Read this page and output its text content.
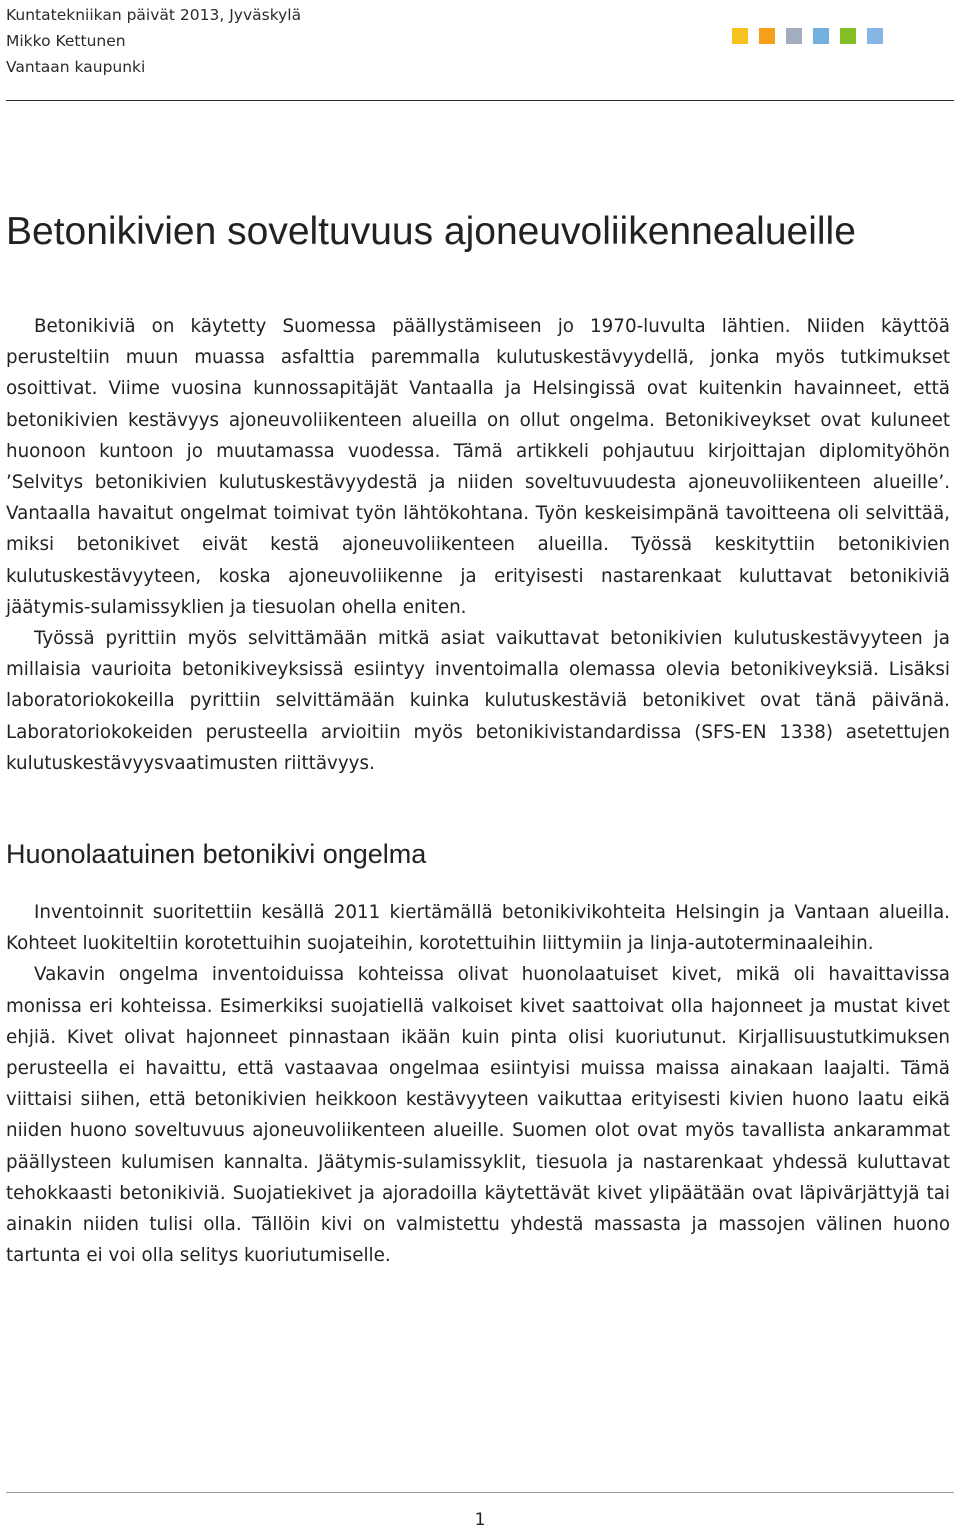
Kuntatekniikan päivät 2013, Jyväskylä
Mikko Kettunen
Vantaan kaupunki
Betonikivien soveltuvuus ajoneuvoliikennealueille

Betonikiviä on käytetty Suomessa päällystämiseen jo 1970-luvulta lähtien. Niiden käyttöä perusteltiin muun muassa asfalttia paremmalla kulutuskestävyydellä, jonka myös tutkimukset osoittivat. Viime vuosina kunnossapitäjät Vantaalla ja Helsingissä ovat kuitenkin havainneet, että betonikivien kestävyys ajoneuvoliikenteen alueilla on ollut ongelma. Betonikiveykset ovat kuluneet huonoon kuntoon jo muutamassa vuodessa. Tämä artikkeli pohjautuu kirjoittajan diplomityöhön ’Selvitys betonikivien kulutuskestävyydestä ja niiden soveltuvuudesta ajoneuvoliikenteen alueille’. Vantaalla havaitut ongelmat toimivat työn lähtökohtana. Työn keskeisimpänä tavoitteena oli selvittää, miksi betonikivet eivät kestä ajoneuvoliikenteen alueilla. Työssä keskityttiin betonikivien kulutuskestävyyteen, koska ajoneuvoliikenne ja erityisesti nastarenkaat kuluttavat betonikiviä jäätymis-sulamissyklien ja tiesuolan ohella eniten.

Työssä pyrittiin myös selvittämään mitkä asiat vaikuttavat betonikivien kulutuskestävyyteen ja millaisia vaurioita betonikiveyksissä esiintyy inventoimalla olemassa olevia betonikiveyksiä. Lisäksi laboratoriokokeilla pyrittiin selvittämään kuinka kulutuskestäviä betonikivet ovat tänä päivänä. Laboratoriokokeiden perusteella arvioitiin myös betonikivistandardissa (SFS-EN 1338) asetettujen kulutuskestävyysvaatimusten riittävyys.

Huonolaatuinen betonikivi ongelma

Inventoinnit suoritettiin kesällä 2011 kiertämällä betonikivikohteita Helsingin ja Vantaan alueilla. Kohteet luokiteltiin korotettuihin suojateihin, korotettuihin liittymiin ja linja-autoterminaaleihin.

Vakavin ongelma inventoiduissa kohteissa olivat huonolaatuiset kivet, mikä oli havaittavissa monissa eri kohteissa. Esimerkiksi suojatiellä valkoiset kivet saattoivat olla hajonneet ja mustat kivet ehjiä. Kivet olivat hajonneet pinnastaan ikään kuin pinta olisi kuoriutunut. Kirjallisuustutkimuksen perusteella ei havaittu, että vastaavaa ongelmaa esiintyisi muissa maissa ainakaan laajalti. Tämä viittaisi siihen, että betonikivien heikkoon kestävyyteen vaikuttaa erityisesti kivien huono laatu eikä niiden huono soveltuvuus ajoneuvoliikenteen alueille. Suomen olot ovat myös tavallista ankarammat päällysteen kulumisen kannalta. Jäätymis-sulamissyklit, tiesuola ja nastarenkaat yhdessä kuluttavat tehokkaasti betonikiviä. Suojatiekivet ja ajoradoilla käytettävät kivet ylipäätään ovat läpivärjättyjä tai ainakin niiden tulisi olla. Tällöin kivi on valmistettu yhdestä massasta ja massojen välinen huono tartunta ei voi olla selitys kuoriutumiselle.

1
